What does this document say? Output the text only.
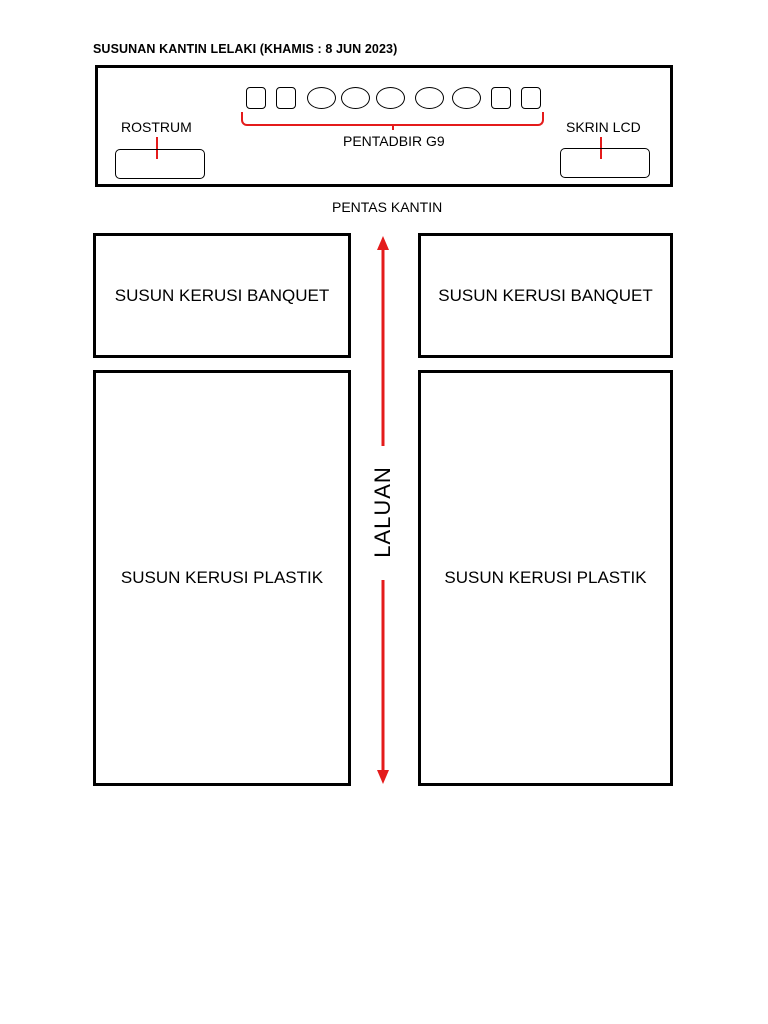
SUSUNAN KANTIN LELAKI (KHAMIS : 8 JUN 2023)
PENTADBIR G9
ROSTRUM	SKRIN LCD
PENTAS KANTIN
SUSUN KERUSI BANQUET	SUSUN KERUSI BANQUET
SUSUN KERUSI PLASTIK	SUSUN KERUSI PLASTIK
LALUAN
